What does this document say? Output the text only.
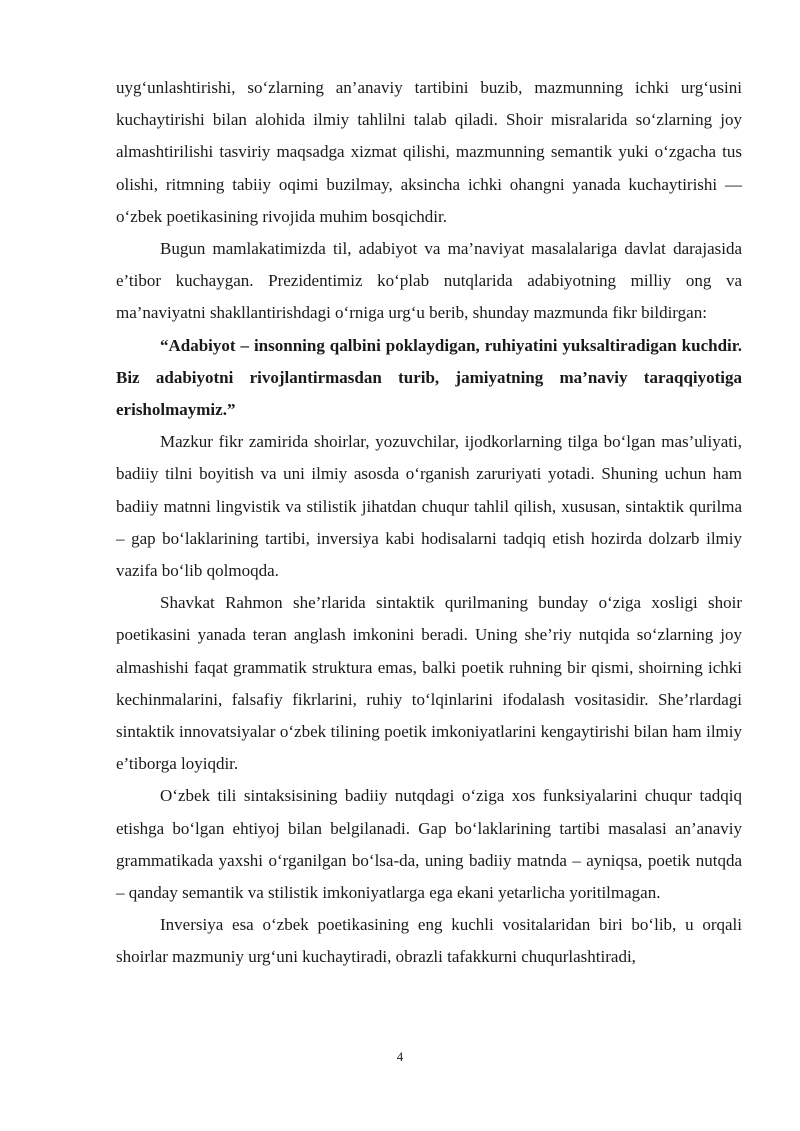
uyg‘unlashtirishi, so‘zlarning an’anaviy tartibini buzib, mazmunning ichki urg‘usini kuchaytirishi bilan alohida ilmiy tahlilni talab qiladi. Shoir misralarida so‘zlarning joy almashtirilishi tasviriy maqsadga xizmat qilishi, mazmunning semantik yuki o‘zgacha tus olishi, ritmning tabiiy oqimi buzilmay, aksincha ichki ohangni yanada kuchaytirishi — o‘zbek poetikasining rivojida muhim bosqichdir.

Bugun mamlakatimizda til, adabiyot va ma’naviyat masalalariga davlat darajasida e’tibor kuchaygan. Prezidentimiz ko‘plab nutqlarida adabiyotning milliy ong va ma’naviyatni shakllantirishdagi o‘rniga urg‘u berib, shunday mazmunda fikr bildirgan:

“Adabiyot – insonning qalbini poklaydigan, ruhiyatini yuksaltiradigan kuchdir. Biz adabiyotni rivojlantirmasdan turib, jamiyatning ma’naviy taraqqiyotiga erisholmaymiz.”

Mazkur fikr zamirida shoirlar, yozuvchilar, ijodkorlarning tilga bo‘lgan mas’uliyati, badiiy tilni boyitish va uni ilmiy asosda o‘rganish zaruriyati yotadi. Shuning uchun ham badiiy matnni lingvistik va stilistik jihatdan chuqur tahlil qilish, xususan, sintaktik qurilma – gap bo‘laklarining tartibi, inversiya kabi hodisalarni tadqiq etish hozirda dolzarb ilmiy vazifa bo‘lib qolmoqda.

Shavkat Rahmon she’rlarida sintaktik qurilmaning bunday o‘ziga xosligi shoir poetikasini yanada teran anglash imkonini beradi. Uning she’riy nutqida so‘zlarning joy almashishi faqat grammatik struktura emas, balki poetik ruhning bir qismi, shoirning ichki kechinmalarini, falsafiy fikrlarini, ruhiy to‘lqinlarini ifodalash vositasidir. She’rlardagi sintaktik innovatsiyalar o‘zbek tilining poetik imkoniyatlarini kengaytirishi bilan ham ilmiy e’tiborga loyiqdir.

O‘zbek tili sintaksisining badiiy nutqdagi o‘ziga xos funksiyalarini chuqur tadqiq etishga bo‘lgan ehtiyoj bilan belgilanadi. Gap bo‘laklarining tartibi masalasi an’anaviy grammatikada yaxshi o‘rganilgan bo‘lsa-da, uning badiiy matnda – ayniqsa, poetik nutqda – qanday semantik va stilistik imkoniyatlarga ega ekani yetarlicha yoritilmagan.

Inversiya esa o‘zbek poetikasining eng kuchli vositalaridan biri bo‘lib, u orqali shoirlar mazmuniy urg‘uni kuchaytiradi, obrazli tafakkurni chuqurlashtiradi,

4
